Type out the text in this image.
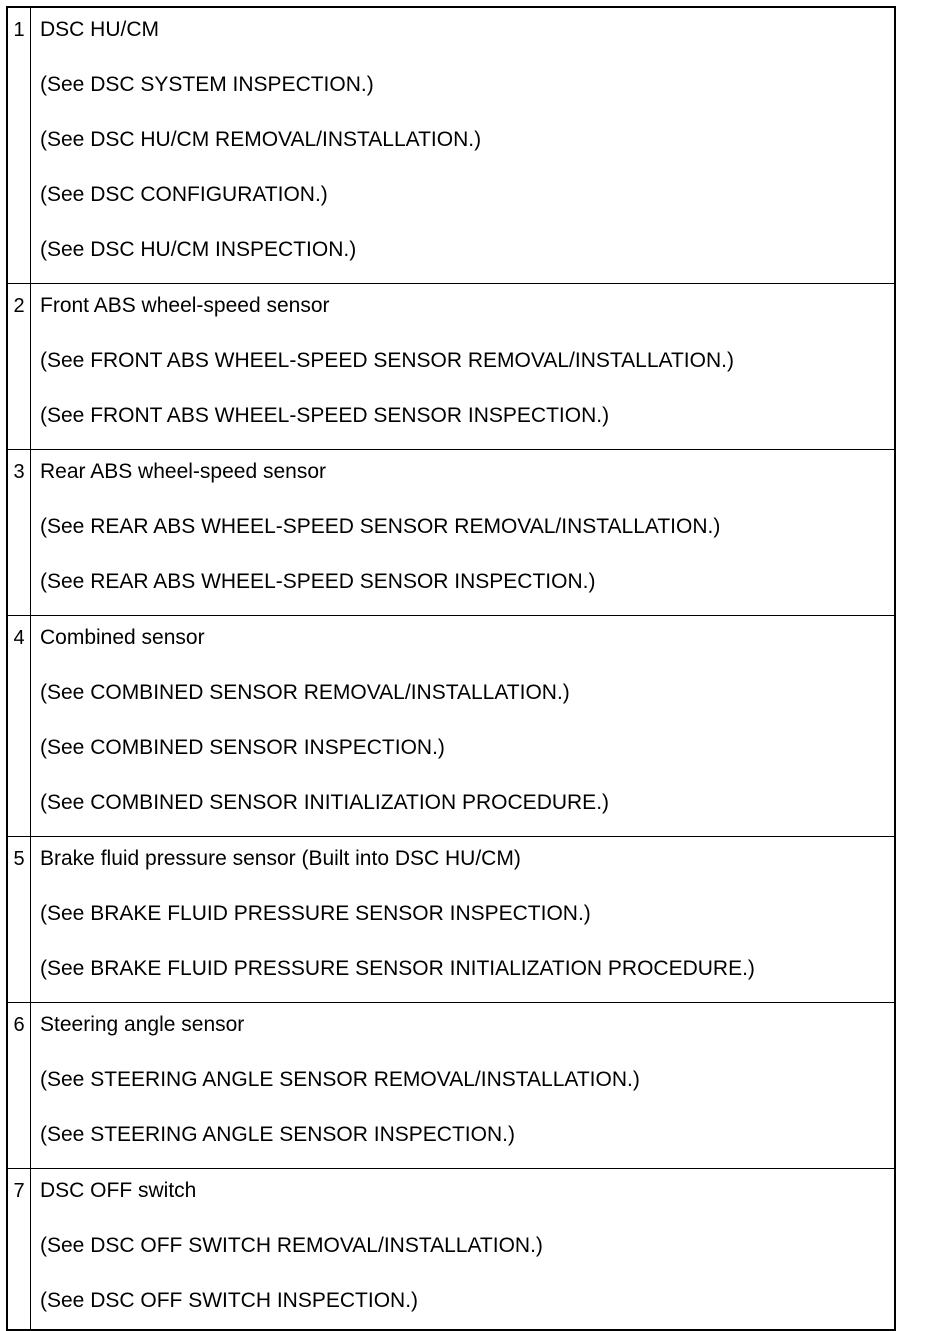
1	DSC HU/CM
(See DSC SYSTEM INSPECTION.)
(See DSC HU/CM REMOVAL/INSTALLATION.)
(See DSC CONFIGURATION.)
(See DSC HU/CM INSPECTION.)

2	Front ABS wheel-speed sensor
(See FRONT ABS WHEEL-SPEED SENSOR REMOVAL/INSTALLATION.)
(See FRONT ABS WHEEL-SPEED SENSOR INSPECTION.)

3	Rear ABS wheel-speed sensor
(See REAR ABS WHEEL-SPEED SENSOR REMOVAL/INSTALLATION.)
(See REAR ABS WHEEL-SPEED SENSOR INSPECTION.)

4	Combined sensor
(See COMBINED SENSOR REMOVAL/INSTALLATION.)
(See COMBINED SENSOR INSPECTION.)
(See COMBINED SENSOR INITIALIZATION PROCEDURE.)

5	Brake fluid pressure sensor (Built into DSC HU/CM)
(See BRAKE FLUID PRESSURE SENSOR INSPECTION.)
(See BRAKE FLUID PRESSURE SENSOR INITIALIZATION PROCEDURE.)

6	Steering angle sensor
(See STEERING ANGLE SENSOR REMOVAL/INSTALLATION.)
(See STEERING ANGLE SENSOR INSPECTION.)

7	DSC OFF switch
(See DSC OFF SWITCH REMOVAL/INSTALLATION.)
(See DSC OFF SWITCH INSPECTION.)
